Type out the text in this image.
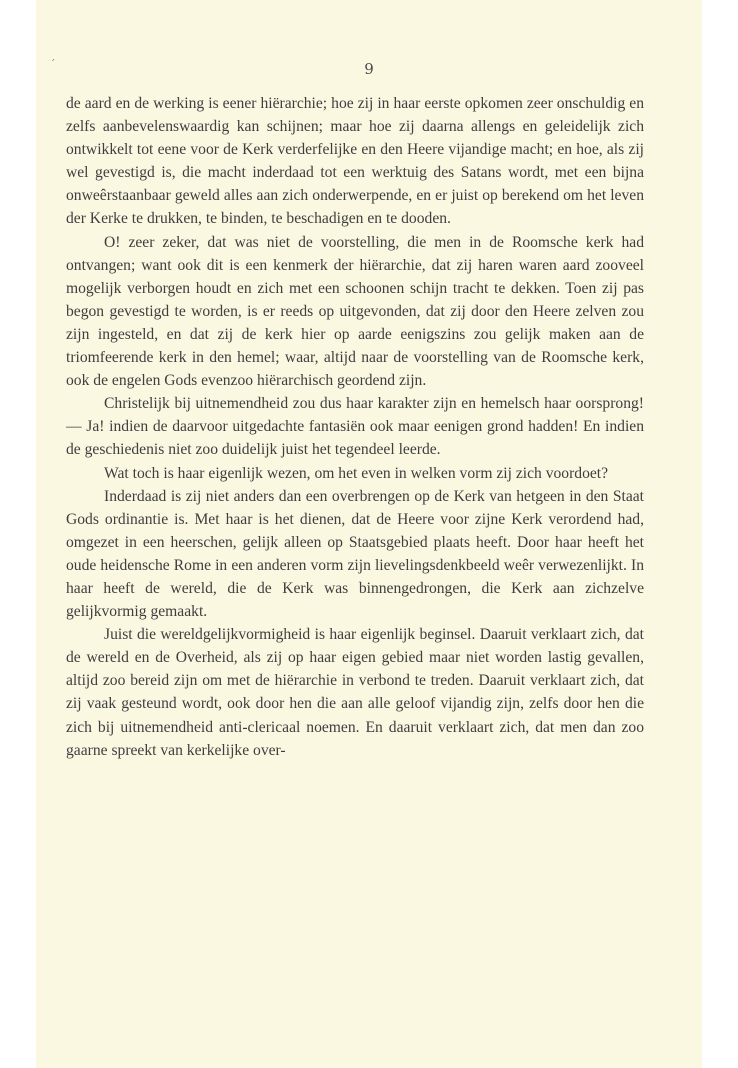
´	9

de aard en de werking is eener hiërarchie; hoe zij in haar eerste opkomen zeer onschuldig en zelfs aanbevelenswaardig kan schijnen; maar hoe zij daarna allengs en geleidelijk zich ontwikkelt tot eene voor de Kerk verderfelijke en den Heere vijandige macht; en hoe, als zij wel gevestigd is, die macht inderdaad tot een werktuig des Satans wordt, met een bijna onweêrstaanbaar geweld alles aan zich onderwerpende, en er juist op berekend om het leven der Kerke te drukken, te binden, te beschadigen en te dooden.

O! zeer zeker, dat was niet de voorstelling, die men in de Roomsche kerk had ontvangen; want ook dit is een kenmerk der hiërarchie, dat zij haren waren aard zooveel mogelijk verborgen houdt en zich met een schoonen schijn tracht te dekken. Toen zij pas begon gevestigd te worden, is er reeds op uitgevonden, dat zij door den Heere zelven zou zijn ingesteld, en dat zij de kerk hier op aarde eenigszins zou gelijk maken aan de triomfeerende kerk in den hemel; waar, altijd naar de voorstelling van de Roomsche kerk, ook de engelen Gods evenzoo hiërarchisch geordend zijn.

Christelijk bij uitnemendheid zou dus haar karakter zijn en hemelsch haar oorsprong! — Ja! indien de daarvoor uitgedachte fantasiën ook maar eenigen grond hadden! En indien de geschiedenis niet zoo duidelijk juist het tegendeel leerde.

Wat toch is haar eigenlijk wezen, om het even in welken vorm zij zich voordoet?

Inderdaad is zij niet anders dan een overbrengen op de Kerk van hetgeen in den Staat Gods ordinantie is. Met haar is het dienen, dat de Heere voor zijne Kerk verordend had, omgezet in een heerschen, gelijk alleen op Staatsgebied plaats heeft. Door haar heeft het oude heidensche Rome in een anderen vorm zijn lievelingsdenkbeeld weêr verwezenlijkt. In haar heeft de wereld, die de Kerk was binnengedrongen, die Kerk aan zichzelve gelijkvormig gemaakt.

Juist die wereldgelijkvormigheid is haar eigenlijk beginsel. Daaruit verklaart zich, dat de wereld en de Overheid, als zij op haar eigen gebied maar niet worden lastig gevallen, altijd zoo bereid zijn om met de hiërarchie in verbond te treden. Daaruit verklaart zich, dat zij vaak gesteund wordt, ook door hen die aan alle geloof vijandig zijn, zelfs door hen die zich bij uitnemendheid anti-clericaal noemen. En daaruit verklaart zich, dat men dan zoo gaarne spreekt van kerkelijke over-
